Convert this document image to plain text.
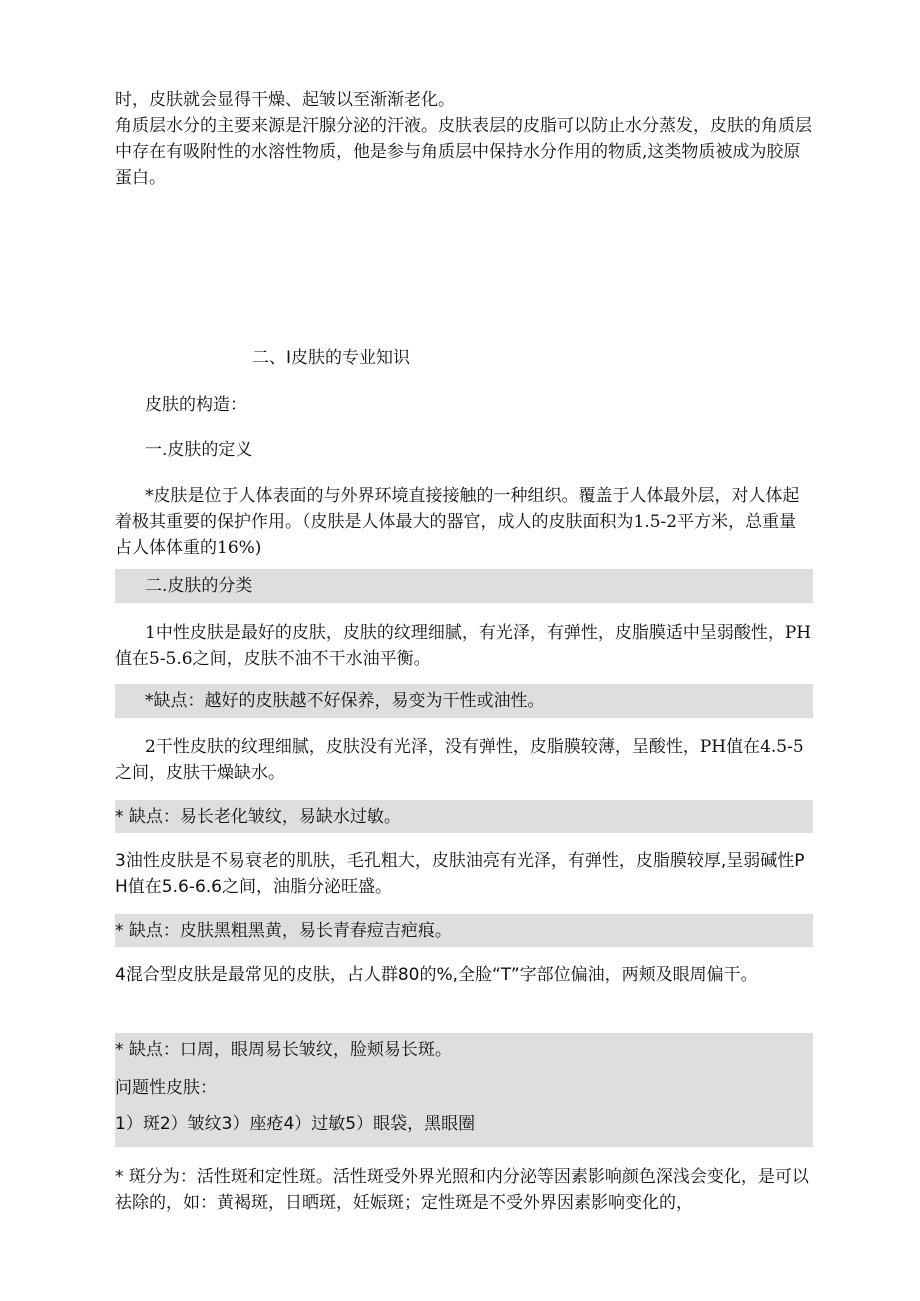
时，皮肤就会显得干燥、起皱以至渐渐老化。

角质层水分的主要来源是汗腺分泌的汗液。皮肤表层的皮脂可以防止水分蒸发，皮肤的角质层中存在有吸附性的水溶性物质，他是参与角质层中保持水分作用的物质,这类物质被成为胶原蛋白。

二、I皮肤的专业知识

皮肤的构造：

一.皮肤的定义

*皮肤是位于人体表面的与外界环境直接接触的一种组织。覆盖于人体最外层，对人体起着极其重要的保护作用。（皮肤是人体最大的器官，成人的皮肤面积为1.5-2平方米，总重量占人体体重的16%)

二.皮肤的分类

1中性皮肤是最好的皮肤，皮肤的纹理细腻，有光泽，有弹性，皮脂膜适中呈弱酸性，PH值在5-5.6之间，皮肤不油不干水油平衡。

*缺点：越好的皮肤越不好保养，易变为干性或油性。

2干性皮肤的纹理细腻，皮肤没有光泽，没有弹性，皮脂膜较薄，呈酸性，PH值在4.5-5之间，皮肤干燥缺水。

* 缺点：易长老化皱纹，易缺水过敏。

3油性皮肤是不易衰老的肌肤，毛孔粗大，皮肤油亮有光泽，有弹性，皮脂膜较厚,呈弱碱性PH值在5.6-6.6之间，油脂分泌旺盛。

* 缺点：皮肤黑粗黑黄，易长青春痘吉疤痕。

4混合型皮肤是最常见的皮肤，占人群80的%,全脸“T”字部位偏油，两颊及眼周偏干。

* 缺点：口周，眼周易长皱纹，脸颊易长斑。

问题性皮肤：

1）斑2）皱纹3）座疮4）过敏5）眼袋，黑眼圈

* 斑分为：活性斑和定性斑。活性斑受外界光照和内分泌等因素影响颜色深浅会变化，是可以祛除的，如：黄褐斑，日晒斑，妊娠斑；定性斑是不受外界因素影响变化的，
